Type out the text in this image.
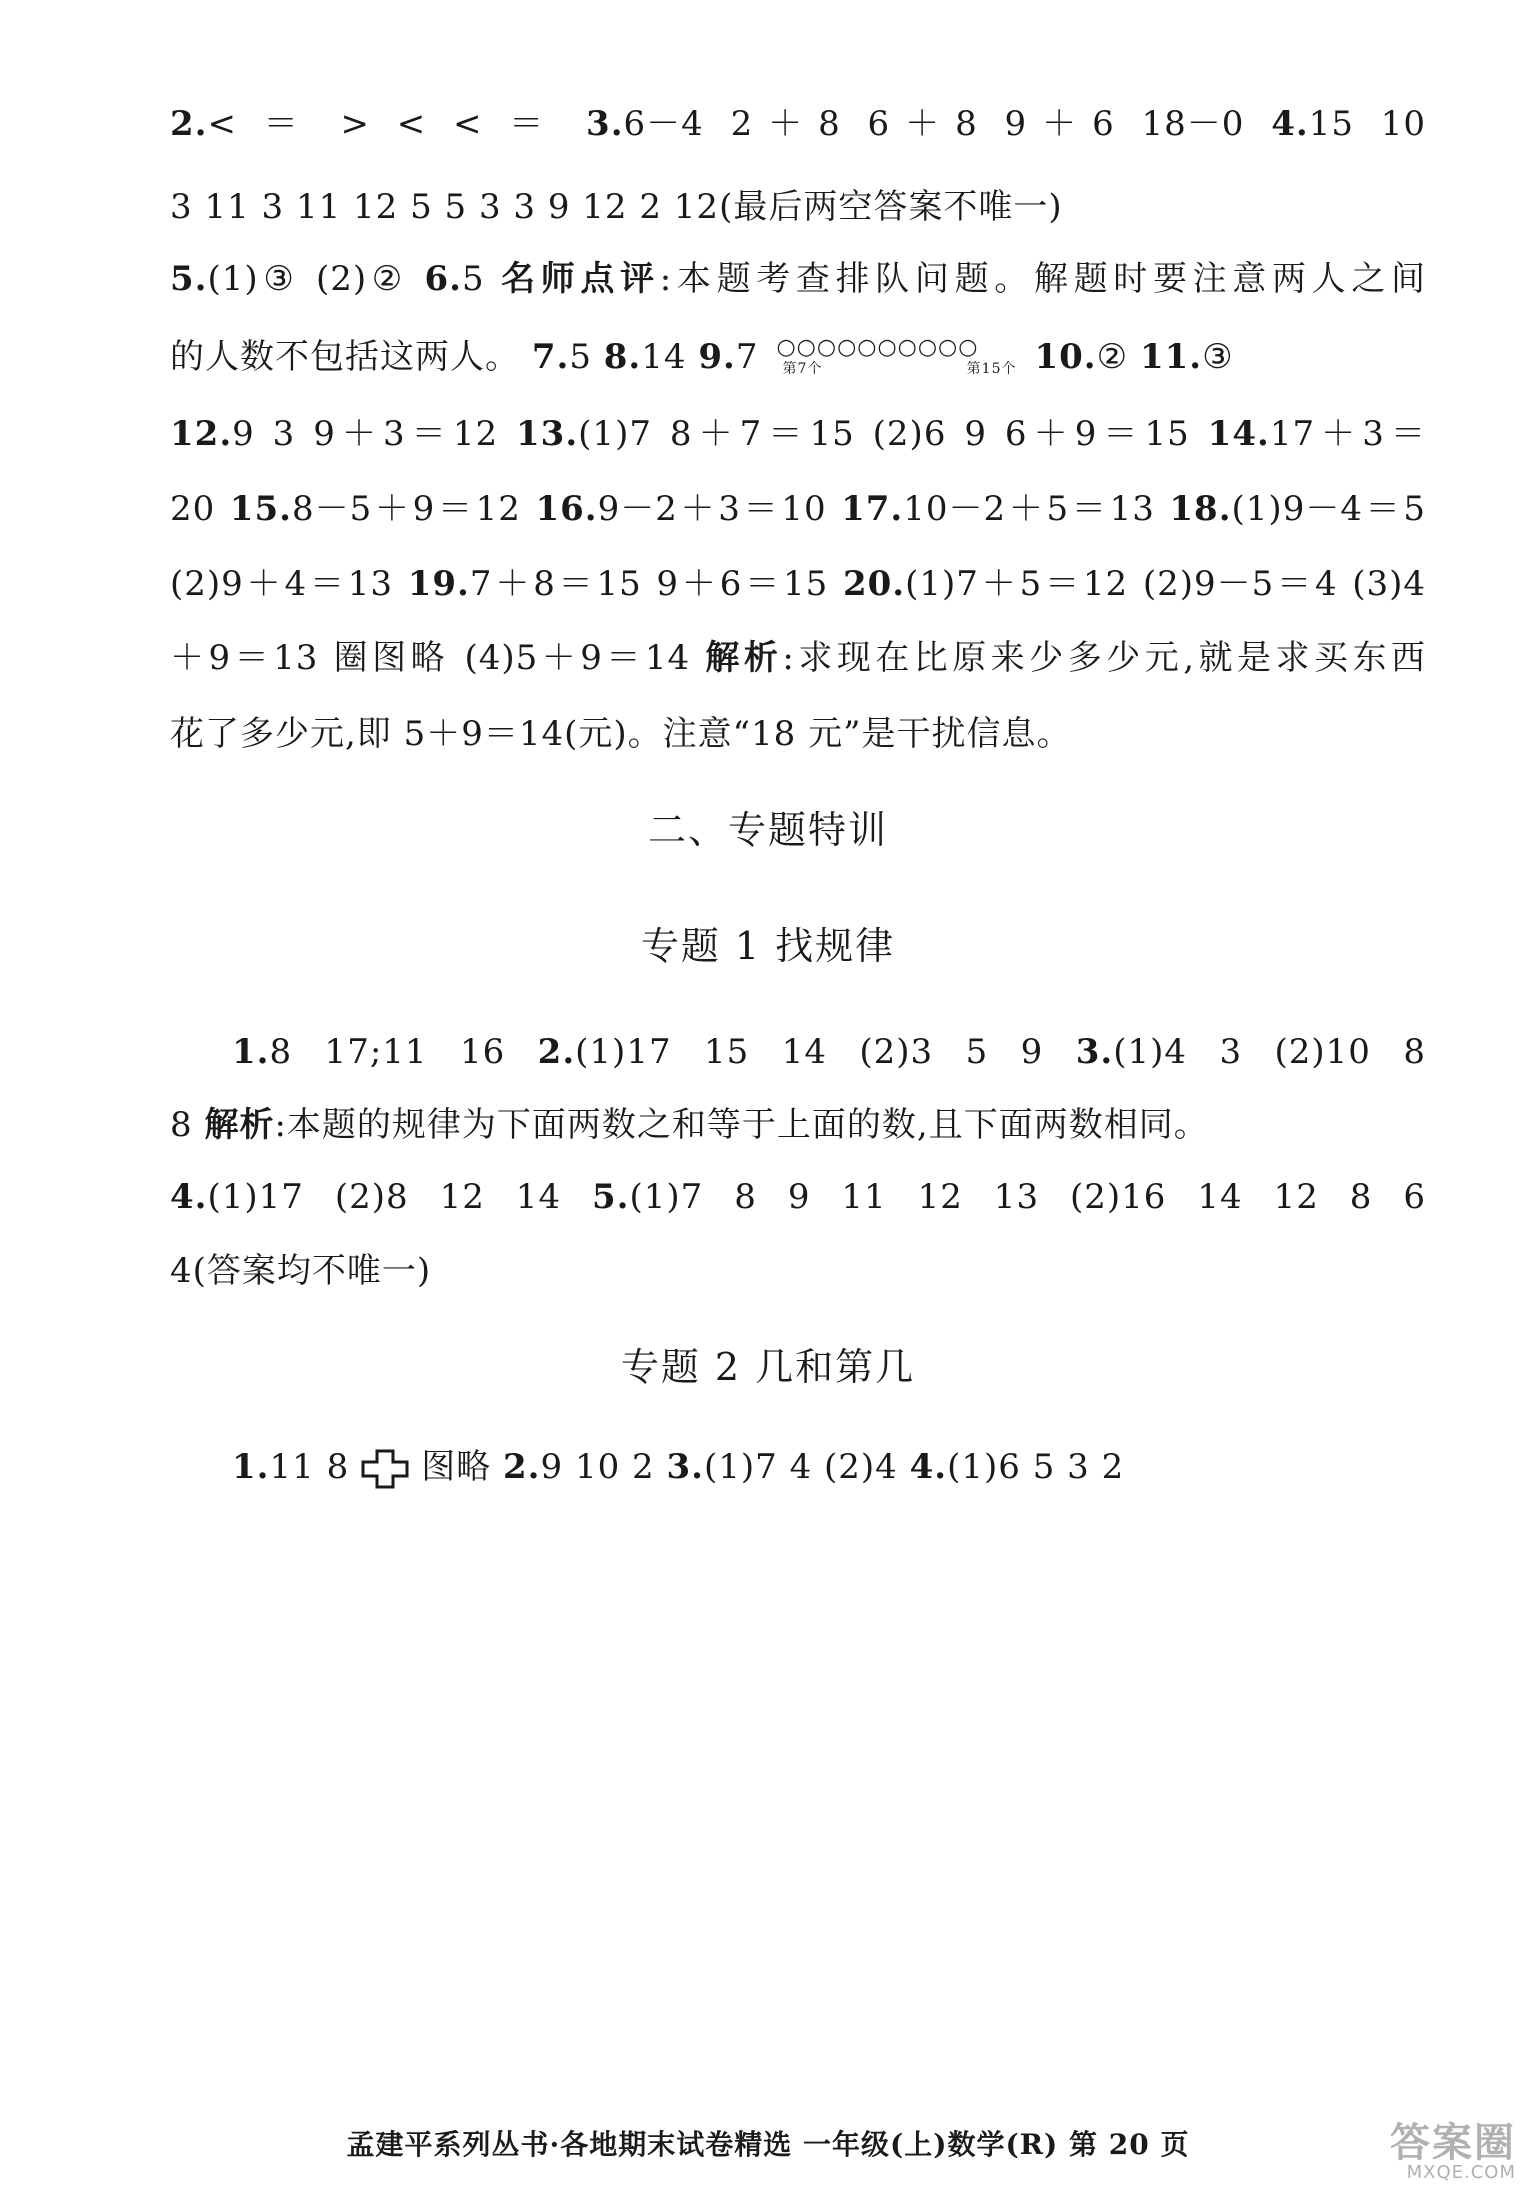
2.< ＝ > < < ＝ 3.6－4 2＋8 6＋8 9＋6 18－0 4.15 10
3 11 3 11 12 5 5 3 3 9 12 2 12(最后两空答案不唯一)
5.(1)③ (2)② 6.5 名师点评:本题考查排队问题。解题时要注意两人之间
的人数不包括这两人。 7.5 8.14 9.7 ○○○○○○○○○○
第7个	第15个 10.② 11.③
12.9 3 9＋3＝12 13.(1)7 8＋7＝15 (2)6 9 6＋9＝15 14.17＋3＝
20 15.8－5＋9＝12 16.9－2＋3＝10 17.10－2＋5＝13 18.(1)9－4＝5
(2)9＋4＝13 19.7＋8＝15 9＋6＝15 20.(1)7＋5＝12 (2)9－5＝4 (3)4
＋9＝13 圈图略 (4)5＋9＝14 解析:求现在比原来少多少元,就是求买东西
花了多少元,即 5＋9＝14(元)。注意“18 元”是干扰信息。
二、专题特训
专题 1 找规律
1.8 17;11 16 2.(1)17 15 14 (2)3 5 9 3.(1)4 3 (2)10 8
8 解析:本题的规律为下面两数之和等于上面的数,且下面两数相同。
4.(1)17 (2)8 12 14 5.(1)7 8 9 11 12 13 (2)16 14 12 8 6
4(答案均不唯一)
专题 2 几和第几
1.11 8 图略 2.9 10 2 3.(1)7 4 (2)4 4.(1)6 5 3 2
孟建平系列丛书·各地期末试卷精选 一年级(上)数学(R) 第 20 页	答案圈
MXQE.COM
